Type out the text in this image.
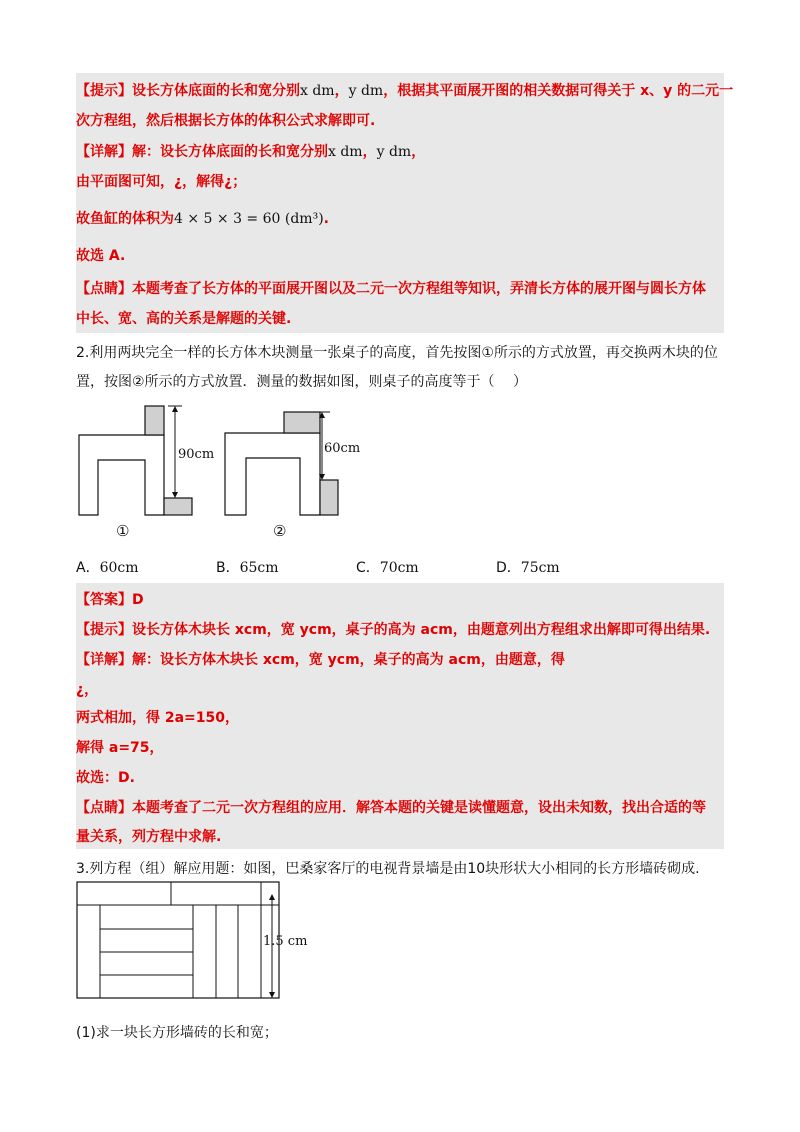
【提示】设长方体底面的长和宽分别x dm，y dm，根据其平面展开图的相关数据可得关于 x、y 的二元一
次方程组，然后根据长方体的体积公式求解即可.
【详解】解：设长方体底面的长和宽分别x dm，y dm，
由平面图可知，¿，解得¿；
故鱼缸的体积为4 × 5 × 3 = 60 (dm³).
故选 A.
【点睛】本题考查了长方体的平面展开图以及二元一次方程组等知识，弄清长方体的展开图与圆长方体
中长、宽、高的关系是解题的关键.
2.利用两块完全一样的长方体木块测量一张桌子的高度，首先按图①所示的方式放置，再交换两木块的位
置，按图②所示的方式放置．测量的数据如图，则桌子的高度等于（　 ）
90cm
①
60cm
②
A．60cm	B．65cm	C．70cm	D．75cm
【答案】D
【提示】设长方体木块长 xcm，宽 ycm，桌子的高为 acm，由题意列出方程组求出解即可得出结果.
【详解】解：设长方体木块长 xcm，宽 ycm，桌子的高为 acm，由题意，得
¿，
两式相加，得 2a=150，
解得 a=75，
故选：D.
【点睛】本题考查了二元一次方程组的应用．解答本题的关键是读懂题意，设出未知数，找出合适的等
量关系，列方程中求解.
3.列方程（组）解应用题：如图，巴桑家客厅的电视背景墙是由10块形状大小相同的长方形墙砖砌成.
1.5 cm
(1)求一块长方形墙砖的长和宽；
